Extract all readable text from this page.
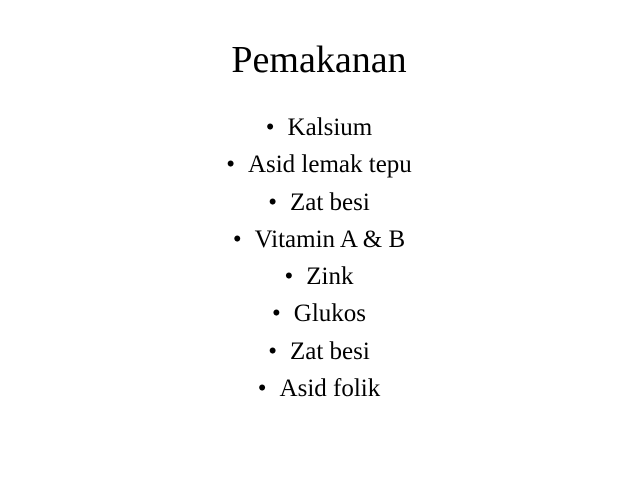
Pemakanan
• Kalsium
• Asid lemak tepu
• Zat besi
• Vitamin A & B
• Zink
• Glukos
• Zat besi
• Asid folik
